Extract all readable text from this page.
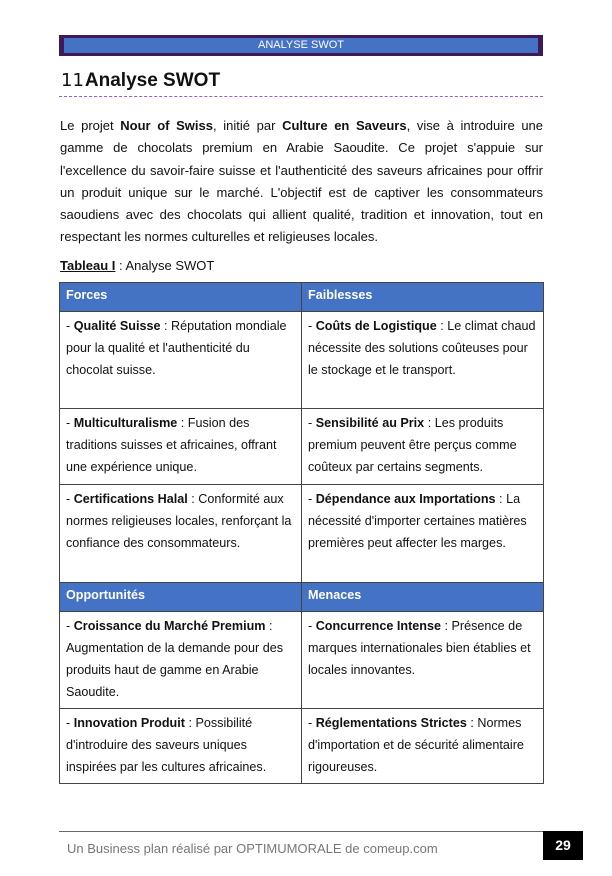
ANALYSE SWOT
11Analyse SWOT

Le projet Nour of Swiss, initié par Culture en Saveurs, vise à introduire une gamme de chocolats premium en Arabie Saoudite. Ce projet s'appuie sur l'excellence du savoir-faire suisse et l'authenticité des saveurs africaines pour offrir un produit unique sur le marché. L'objectif est de captiver les consommateurs saoudiens avec des chocolats qui allient qualité, tradition et innovation, tout en respectant les normes culturelles et religieuses locales.

Tableau I : Analyse SWOT
Forces	Faiblesses
- Qualité Suisse : Réputation mondiale pour la qualité et l'authenticité du chocolat suisse.	- Coûts de Logistique : Le climat chaud nécessite des solutions coûteuses pour le stockage et le transport.
- Multiculturalisme : Fusion des traditions suisses et africaines, offrant une expérience unique.	- Sensibilité au Prix : Les produits premium peuvent être perçus comme coûteux par certains segments.
- Certifications Halal : Conformité aux normes religieuses locales, renforçant la confiance des consommateurs.	- Dépendance aux Importations : La nécessité d'importer certaines matières premières peut affecter les marges.
Opportunités	Menaces
- Croissance du Marché Premium : Augmentation de la demande pour des produits haut de gamme en Arabie Saoudite.	- Concurrence Intense : Présence de marques internationales bien établies et locales innovantes.
- Innovation Produit : Possibilité d'introduire des saveurs uniques inspirées par les cultures africaines.	- Réglementations Strictes : Normes d'importation et de sécurité alimentaire rigoureuses.
Un Business plan réalisé par OPTIMUMORALE de comeup.com	29
